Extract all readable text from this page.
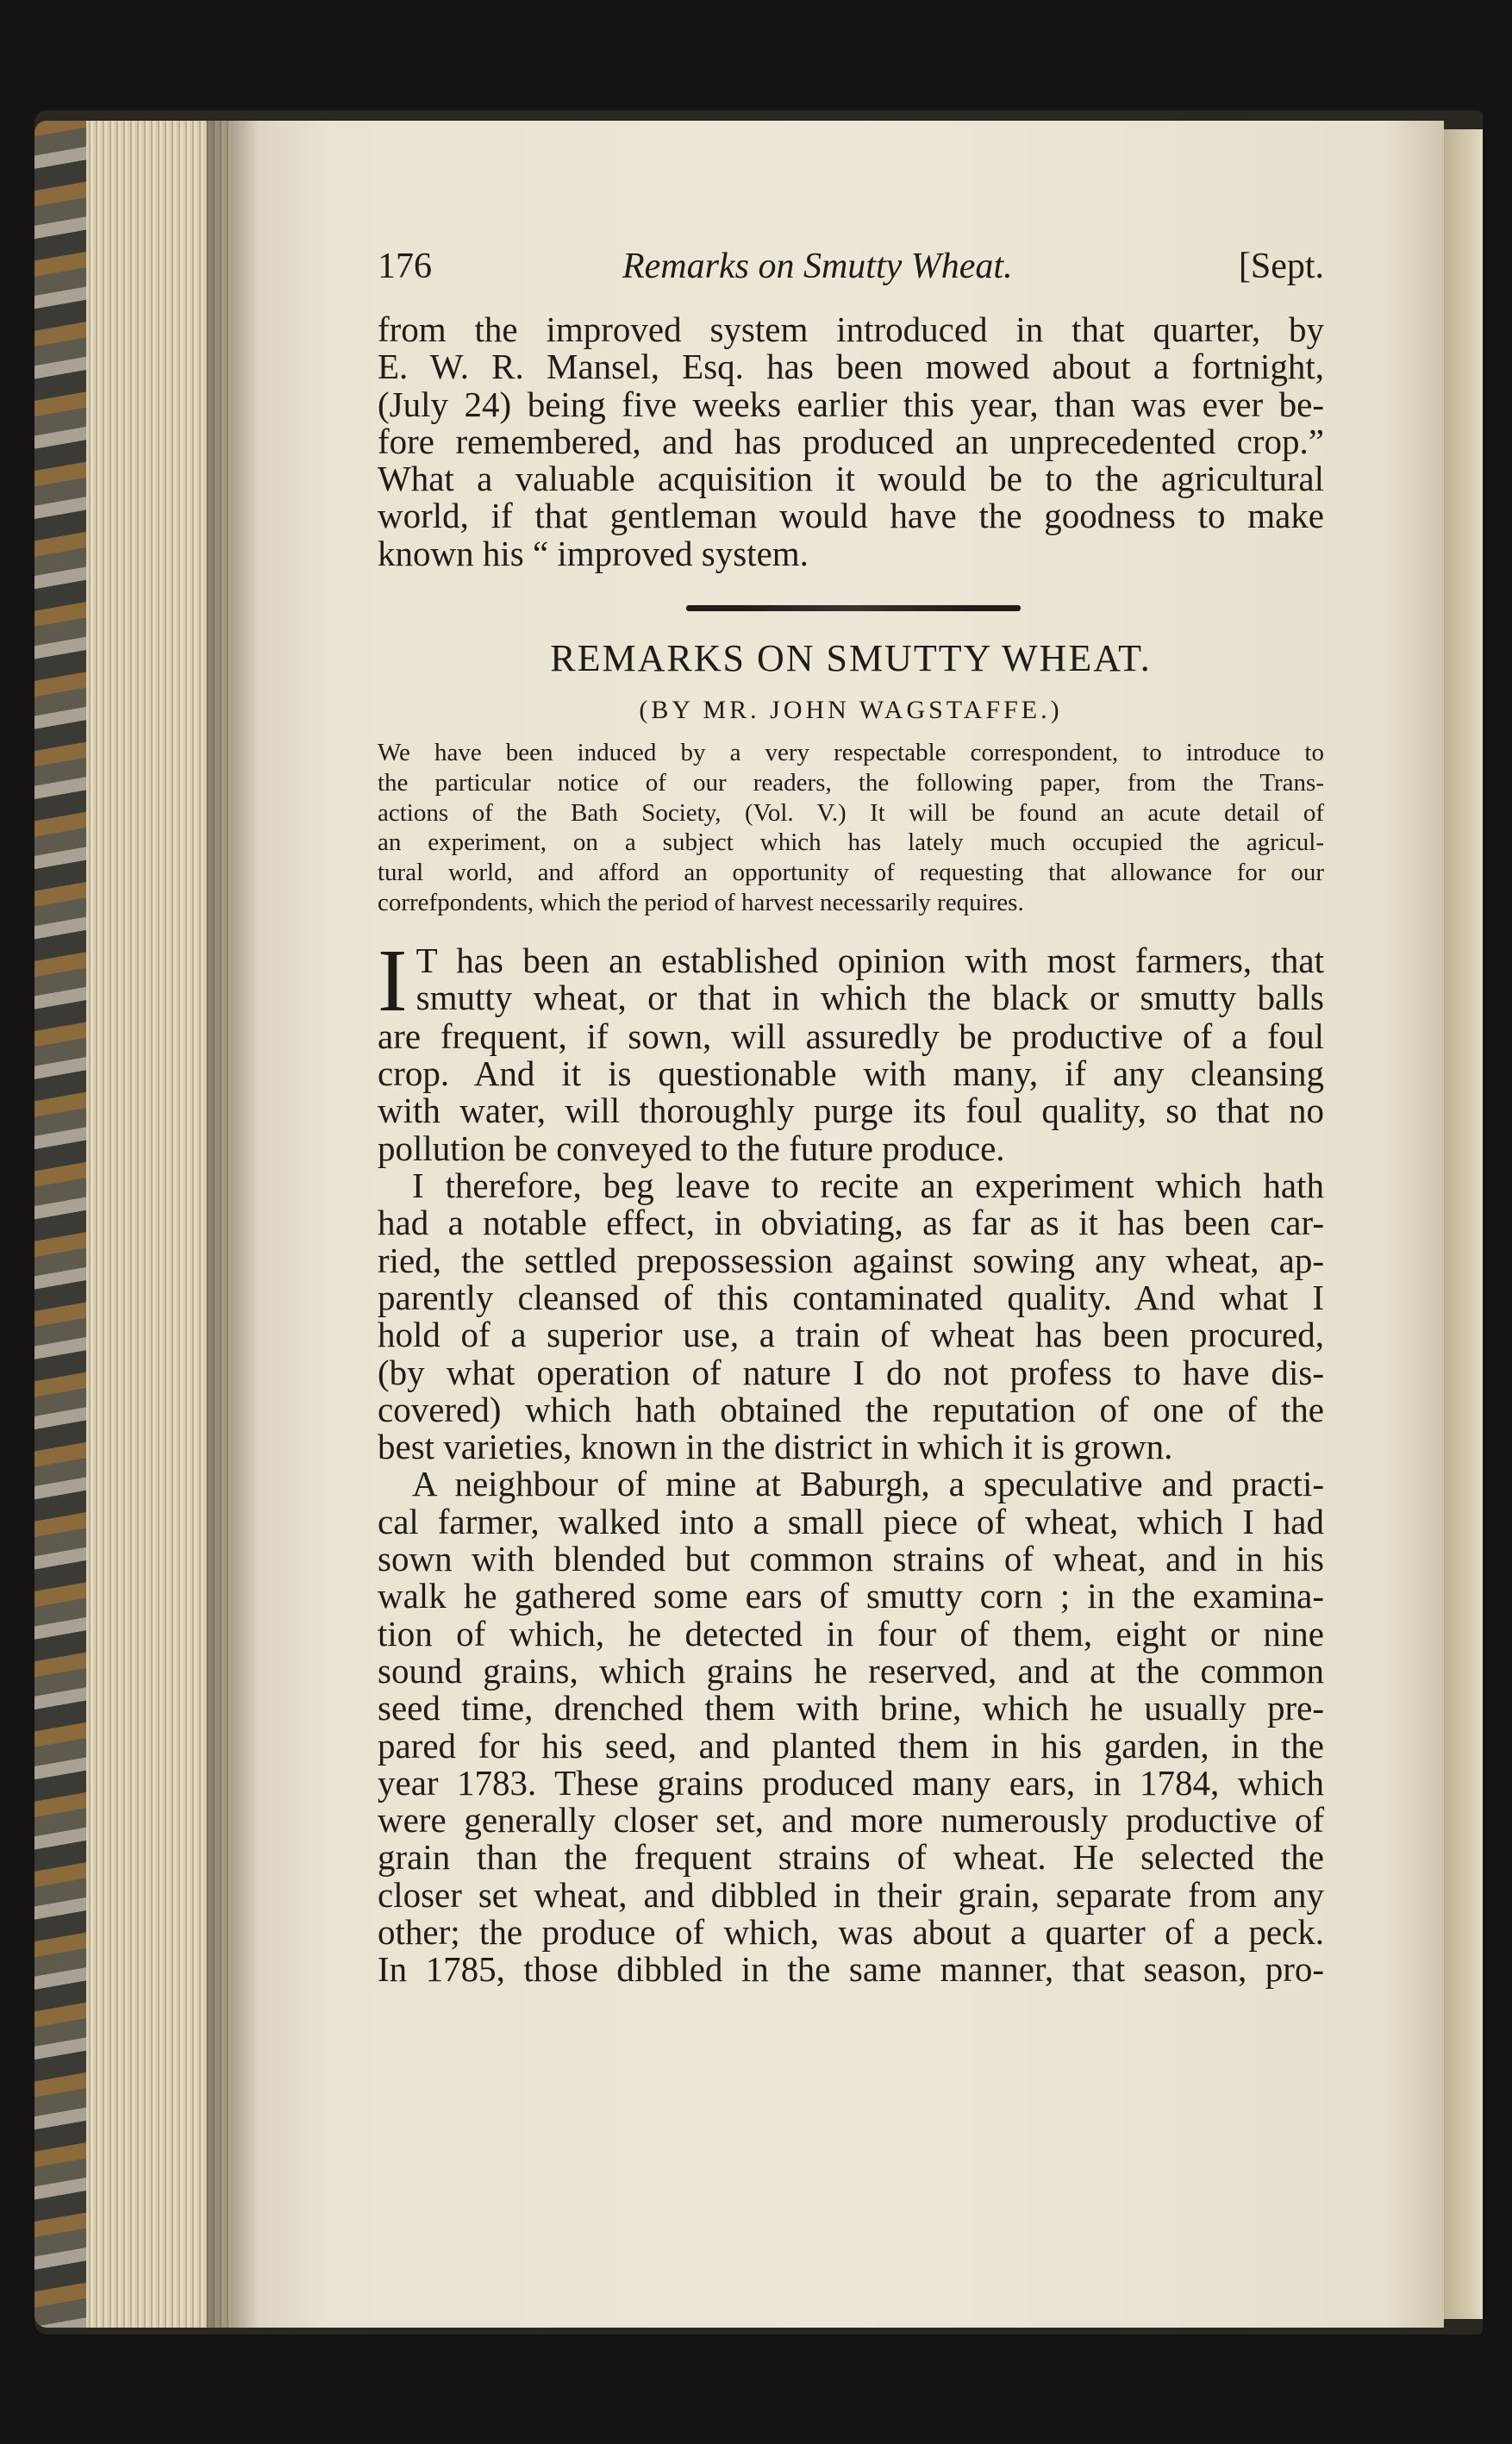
176	Remarks on Smutty Wheat.	[Sept.
from the improved system introduced in that quarter, by
E. W. R. Mansel, Esq. has been mowed about a fortnight,
(July 24) being five weeks earlier this year, than was ever be-
fore remembered, and has produced an unprecedented crop.”
What a valuable acquisition it would be to the agricultural
world, if that gentleman would have the goodness to make
known his “ improved system.
REMARKS ON SMUTTY WHEAT.
(BY MR. JOHN WAGSTAFFE.)
We have been induced by a very respectable correspondent, to introduce to
the particular notice of our readers, the following paper, from the Trans-
actions of the Bath Society, (Vol. V.) It will be found an acute detail of
an experiment, on a subject which has lately much occupied the agricul-
tural world, and afford an opportunity of requesting that allowance for our
correfpondents, which the period of harvest necessarily requires.
I T has been an established opinion with most farmers, that
smutty wheat, or that in which the black or smutty balls
are frequent, if sown, will assuredly be productive of a foul
crop. And it is questionable with many, if any cleansing
with water, will thoroughly purge its foul quality, so that no
pollution be conveyed to the future produce.
I therefore, beg leave to recite an experiment which hath
had a notable effect, in obviating, as far as it has been car-
ried, the settled prepossession against sowing any wheat, ap-
parently cleansed of this contaminated quality. And what I
hold of a superior use, a train of wheat has been procured,
(by what operation of nature I do not profess to have dis-
covered) which hath obtained the reputation of one of the
best varieties, known in the district in which it is grown.
A neighbour of mine at Baburgh, a speculative and practi-
cal farmer, walked into a small piece of wheat, which I had
sown with blended but common strains of wheat, and in his
walk he gathered some ears of smutty corn ; in the examina-
tion of which, he detected in four of them, eight or nine
sound grains, which grains he reserved, and at the common
seed time, drenched them with brine, which he usually pre-
pared for his seed, and planted them in his garden, in the
year 1783. These grains produced many ears, in 1784, which
were generally closer set, and more numerously productive of
grain than the frequent strains of wheat. He selected the
closer set wheat, and dibbled in their grain, separate from any
other; the produce of which, was about a quarter of a peck.
In 1785, those dibbled in the same manner, that season, pro-
